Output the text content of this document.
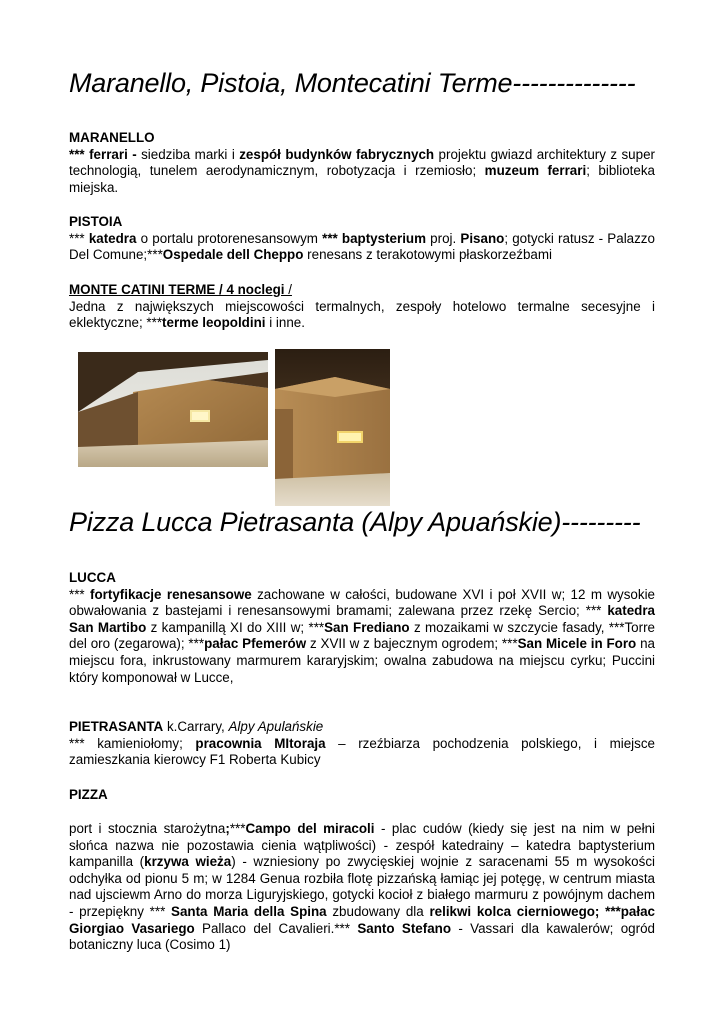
Maranello, Pistoia, Montecatini Terme--------------

MARANELLO

*** ferrari - siedziba marki i zespół budynków fabrycznych projektu gwiazd architektury z super technologią, tunelem aerodynamicznym, robotyzacja i rzemiosło; muzeum ferrari; biblioteka miejska.

PISTOIA

*** katedra o portalu protorenesansowym *** baptysterium proj. Pisano; gotycki ratusz - Palazzo Del Comune;***Ospedale dell Cheppo renesans z terakotowymi płaskorzeźbami

MONTE CATINI TERME / 4 noclegi /

Jedna z największych miejscowości termalnych, zespoły hotelowo termalne secesyjne i eklektyczne; ***terme leopoldini i inne.

Pizza Lucca Pietrasanta (Alpy Apuańskie)---------

LUCCA

*** fortyfikacje renesansowe zachowane w całości, budowane XVI i poł XVII w; 12 m wysokie obwałowania z bastejami i renesansowymi bramami; zalewana przez rzekę Sercio; *** katedra San Martibo z kampanillą XI do XIII w; ***San Frediano z mozaikami w szczycie fasady, ***Torre del oro (zegarowa); ***pałac Pfemerów z XVII w z bajecznym ogrodem; ***San Micele in Foro na miejscu fora, inkrustowany marmurem kararyjskim; owalna zabudowa na miejscu cyrku; Puccini który komponował w Lucce,

PIETRASANTA k.Carrary, Alpy Apulańskie

*** kamieniołomy; pracownia MItoraja – rzeźbiarza pochodzenia polskiego, i miejsce zamieszkania kierowcy F1 Roberta Kubicy

PIZZA

port i stocznia starożytna;***Campo del miracoli - plac cudów (kiedy się jest na nim w pełni słońca nazwa nie pozostawia cienia wątpliwości) - zespół katedrainy – katedra baptysterium kampanilla (krzywa wieża) - wzniesiony po zwycięskiej wojnie z saracenami 55 m wysokości odchyłka od pionu 5 m; w 1284 Genua rozbiła flotę pizzańską łamiąc jej potęgę, w centrum miasta nad ujsciewm Arno do morza Liguryjskiego, gotycki kocioł z białego marmuru z powójnym dachem - przepiękny *** Santa Maria della Spina zbudowany dla relikwi kolca cierniowego; ***pałac Giorgiao Vasariego Pallaco del Cavalieri.*** Santo Stefano - Vassari dla kawalerów; ogród botaniczny luca (Cosimo 1)
